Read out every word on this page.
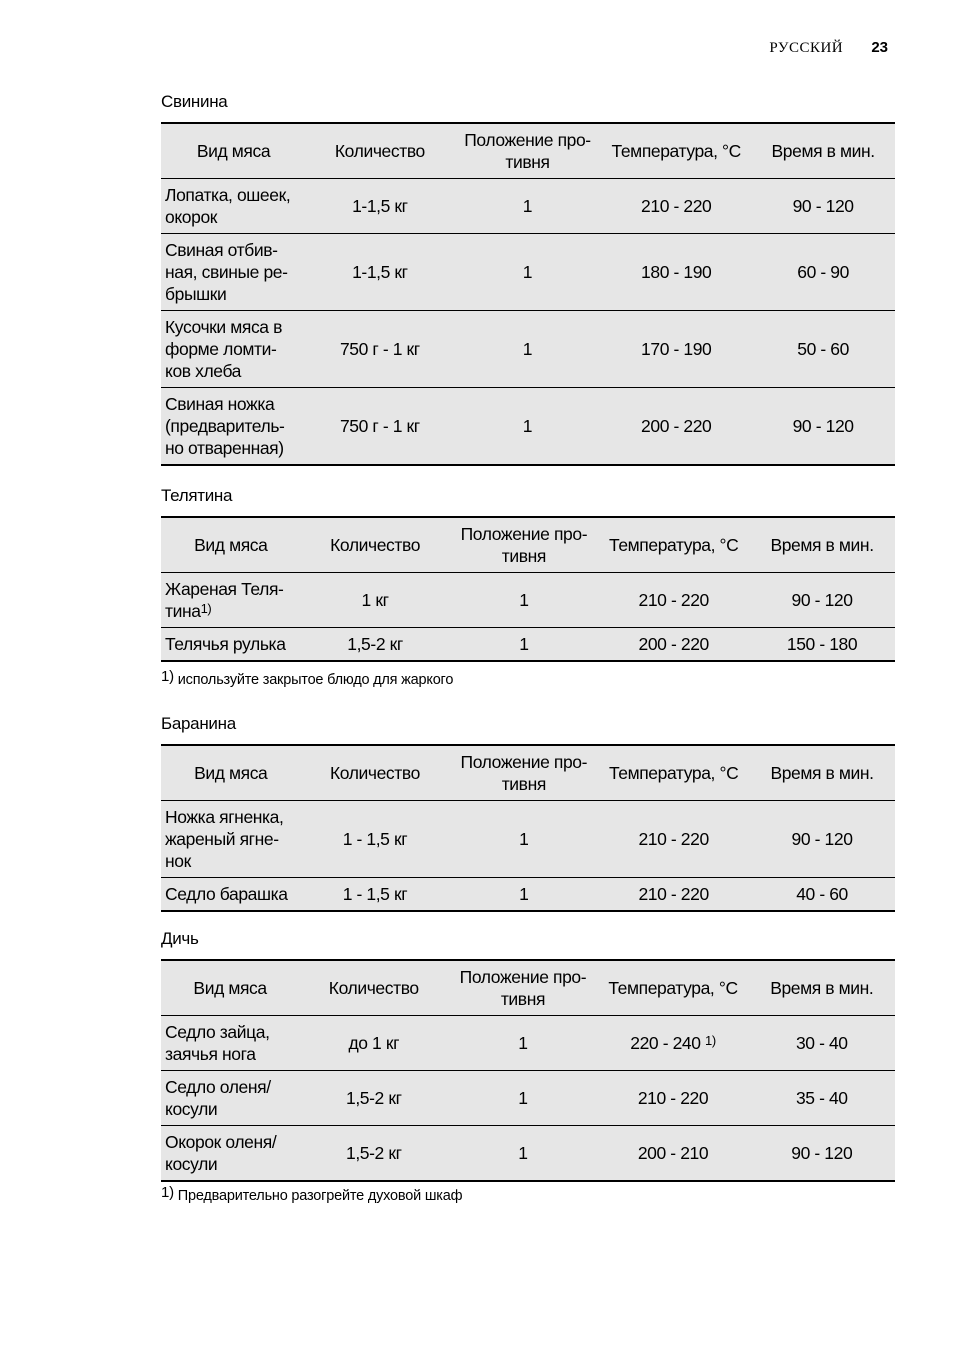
РУССКИЙ 23
Свинина
Вид мяса	Количество	Положение про-тивня	Температура, °C	Время в мин.
Лопатка, ошеек, окорок	1-1,5 кг	1	210 - 220	90 - 120
Свиная отбив-ная, свиные ре-брышки	1-1,5 кг	1	180 - 190	60 - 90
Кусочки мяса в форме ломти-ков хлеба	750 г - 1 кг	1	170 - 190	50 - 60
Свиная ножка (предваритель-но отваренная)	750 г - 1 кг	1	200 - 220	90 - 120
Телятина
Вид мяса	Количество	Положение про-тивня	Температура, °C	Время в мин.
Жареная Теля-тина$^{1)}$	1 кг	1	210 - 220	90 - 120
Телячья рулька	1,5-2 кг	1	200 - 220	150 - 180
$^{1)}$ используйте закрытое блюдо для жаркого
Баранина
Вид мяса	Количество	Положение про-тивня	Температура, °C	Время в мин.
Ножка ягненка, жареный ягне-нок	1 - 1,5 кг	1	210 - 220	90 - 120
Седло барашка	1 - 1,5 кг	1	210 - 220	40 - 60
Дичь
Вид мяса	Количество	Положение про-тивня	Температура, °C	Время в мин.
Седло зайца, заячья нога	до 1 кг	1	220 - 240 $^{1)}$	30 - 40
Седло оленя/ косули	1,5-2 кг	1	210 - 220	35 - 40
Окорок оленя/ косули	1,5-2 кг	1	200 - 210	90 - 120
$^{1)}$ Предварительно разогрейте духовой шкаф
